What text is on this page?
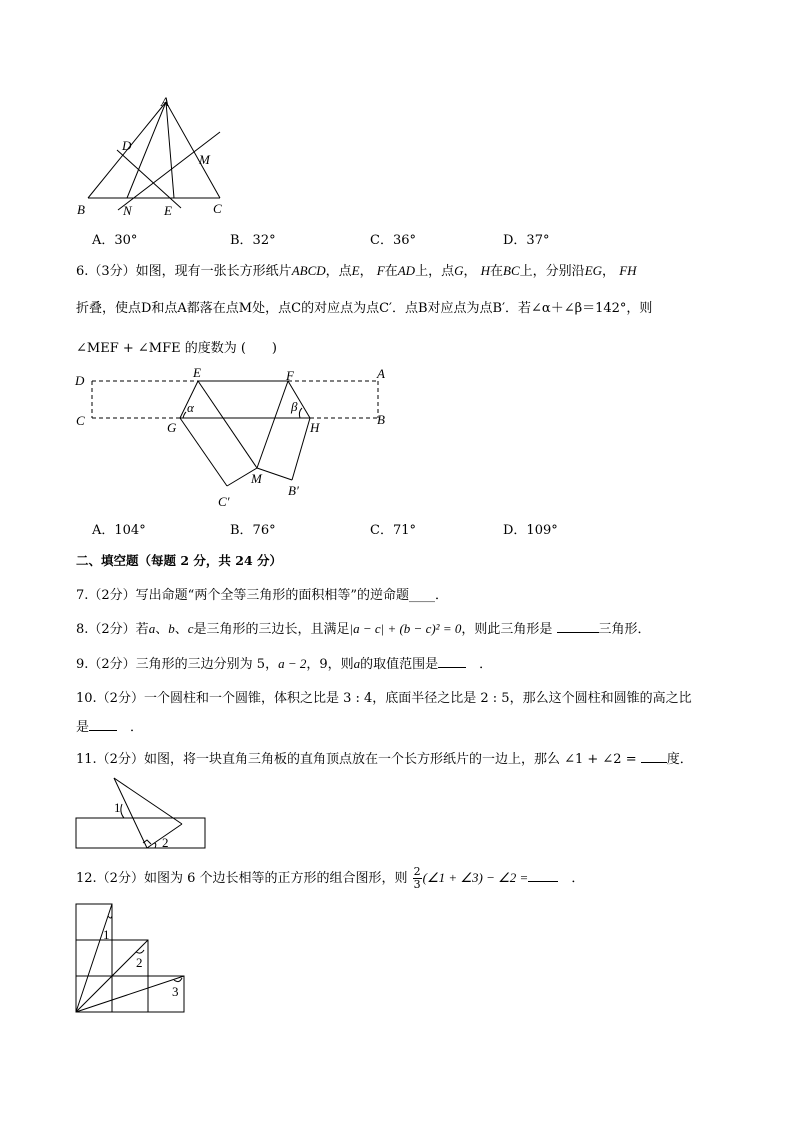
A
D
M
B	N E	C
A．30°	B．32°	C．36°	D．37°
6.（3分）如图，现有一张长方形纸片ABCD，点E， F在AD上，点G， H在BC上，分别沿EG， FH
折叠，使点D和点A都落在点M处，点C的对应点为点C′．点B对应点为点B′．若∠α＋∠β＝142°，则
∠MEF + ∠MFE 的度数为 (　　)
D
E	F	A
C
α	β
B
G	H
M
B′
C′
A．104°	B．76°	C．71°	D．109°
二、填空题（每题 2 分，共 24 分）
7.（2分）写出命题“两个全等三角形的面积相等”的逆命题____．
8.（2分）若a、b、c是三角形的三边长，且满足|a − c| + (b − c)² = 0，则此三角形是	三角形．
9.（2分）三角形的三边分别为 5，a − 2，9，则a的取值范围是　	．
10.（2分）一个圆柱和一个圆锥，体积之比是 3 : 4，底面半径之比是 2 : 5，那么这个圆柱和圆锥的高之比
是　	．
11.（2分）如图，将一块直角三角板的直角顶点放在一个长方形纸片的一边上，那么 ∠1 + ∠2 = 度．
1
2
12.（2分）如图为 6 个边长相等的正方形的组合图形，则 $\frac{2}{3}$ (∠1 + ∠3) − ∠2 =　	．
1
2
3
